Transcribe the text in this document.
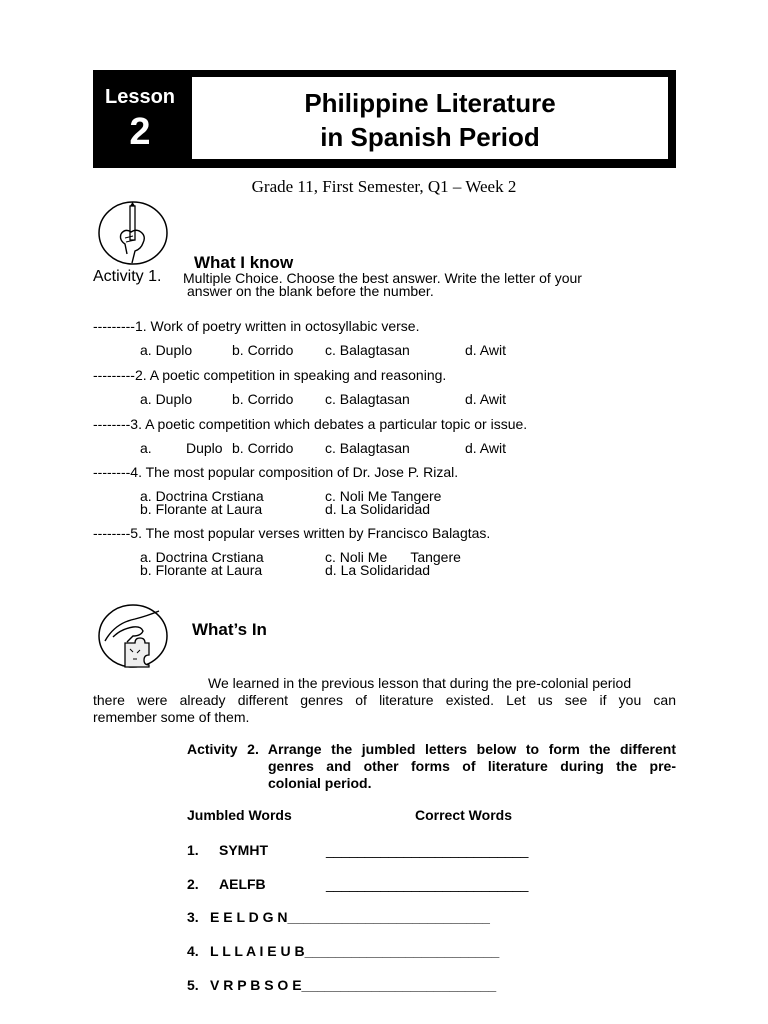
Lesson
2
Philippine Literature
in Spanish Period
Grade 11, First Semester, Q1 – Week 2
What I know
Activity 1. Multiple Choice. Choose the best answer. Write the letter of your
answer on the blank before the number.
---------1. Work of poetry written in octosyllabic verse.
a. Duplo	b. Corrido c. Balagtasan	d. Awit
---------2. A poetic competition in speaking and reasoning.
a. Duplo	b. Corrido c. Balagtasan	d. Awit
--------3. A poetic competition which debates a particular topic or issue.
a. Duplo b. Corrido c. Balagtasan	d. Awit
--------4. The most popular composition of Dr. Jose P. Rizal.
a. Doctrina Crstiana
b. Florante at Laura
c. Noli Me Tangere
d. La Solidaridad
--------5. The most popular verses written by Francisco Balagtas.
a. Doctrina Crstiana
b. Florante at Laura
c. Noli Me      Tangere
d. La Solidaridad
What’s In
We learned in the previous lesson that during the pre-colonial period
there were already different genres of literature existed. Let us see if you can
remember some of them.
Activity 2. Arrange the jumbled letters below to form the different
genres and other forms of literature during the pre-
colonial period.
Jumbled Words	Correct Words
1. SYMHT	__________________________
2. AELFB	__________________________
3. E E L D G N__________________________
4. L L L A I E U B_________________________
5. V R P B S O E_________________________
